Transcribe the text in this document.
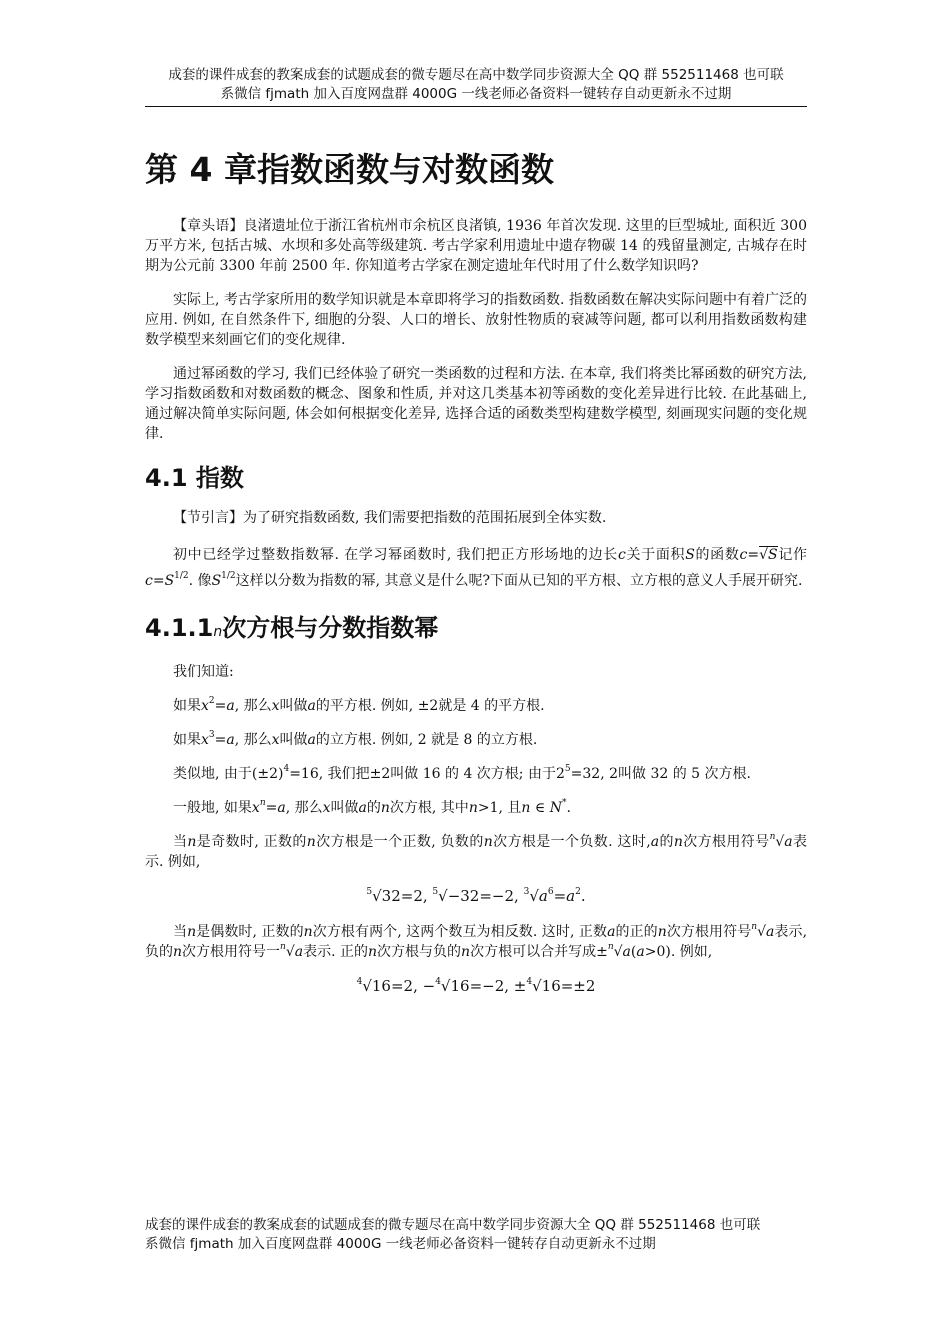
成套的课件成套的教案成套的试题成套的微专题尽在高中数学同步资源大全 QQ 群 552511468 也可联
系微信 fjmath 加入百度网盘群 4000G 一线老师必备资料一键转存自动更新永不过期
第 4 章指数函数与对数函数

【章头语】良渚遗址位于浙江省杭州市余杭区良渚镇, 1936 年首次发现. 这里的巨型城址, 面积近 300 万平方米, 包括古城、水坝和多处高等级建筑. 考古学家利用遗址中遗存物碳 14 的残留量测定, 古城存在时期为公元前 3300 年前 2500 年. 你知道考古学家在测定遗址年代时用了什么数学知识吗?

实际上, 考古学家所用的数学知识就是本章即将学习的指数函数. 指数函数在解决实际问题中有着广泛的应用. 例如, 在自然条件下, 细胞的分裂、人口的增长、放射性物质的衰减等问题, 都可以利用指数函数构建数学模型来刻画它们的变化规律.

通过幂函数的学习, 我们已经体验了研究一类函数的过程和方法. 在本章, 我们将类比幂函数的研究方法, 学习指数函数和对数函数的概念、图象和性质, 并对这几类基本初等函数的变化差异进行比较. 在此基础上, 通过解决简单实际问题, 体会如何根据变化差异, 选择合适的函数类型构建数学模型, 刻画现实问题的变化规律.

4.1 指数

【节引言】为了研究指数函数, 我们需要把指数的范围拓展到全体实数.

初中已经学过整数指数幂. 在学习幂函数时, 我们把正方形场地的边长c关于面积S的函数c=√S记作$c=S^{1/2}$. 像$S^{1/2}$这样以分数为指数的幂, 其意义是什么呢?下面从已知的平方根、立方根的意义人手展开研究.

4.1.1n次方根与分数指数幂

我们知道:

如果$x^2=a$, 那么x叫做a的平方根. 例如, ±2就是 4 的平方根.

如果$x^3=a$, 那么x叫做a的立方根. 例如, 2 就是 8 的立方根.

类似地, 由于$(\pm 2)^4=16$, 我们把±2叫做 16 的 4 次方根; 由于$2^5=32$, 2叫做 32 的 5 次方根.

一般地, 如果$x^n=a$, 那么x叫做a的n次方根, 其中n>1, 且n ∈ N*.

当n是奇数时, 正数的n次方根是一个正数, 负数的n次方根是一个负数. 这时,a的n次方根用符号$^n$√a表示. 例如,

$^5$√32=2, $^5$√−32=−2, $^3√a^6=a^2$.

当n是偶数时, 正数的n次方根有两个, 这两个数互为相反数. 这时, 正数a的正的n次方根用符号$^n$√a表示, 负的n次方根用符号一$^n$√a表示. 正的n次方根与负的n次方根可以合并写成±$^n$√a(a>0). 例如,

$^4$√16=2, −$^4$√16=−2, ±$^4$√16=±2

成套的课件成套的教案成套的试题成套的微专题尽在高中数学同步资源大全 QQ 群 552511468 也可联
系微信 fjmath 加入百度网盘群 4000G 一线老师必备资料一键转存自动更新永不过期
